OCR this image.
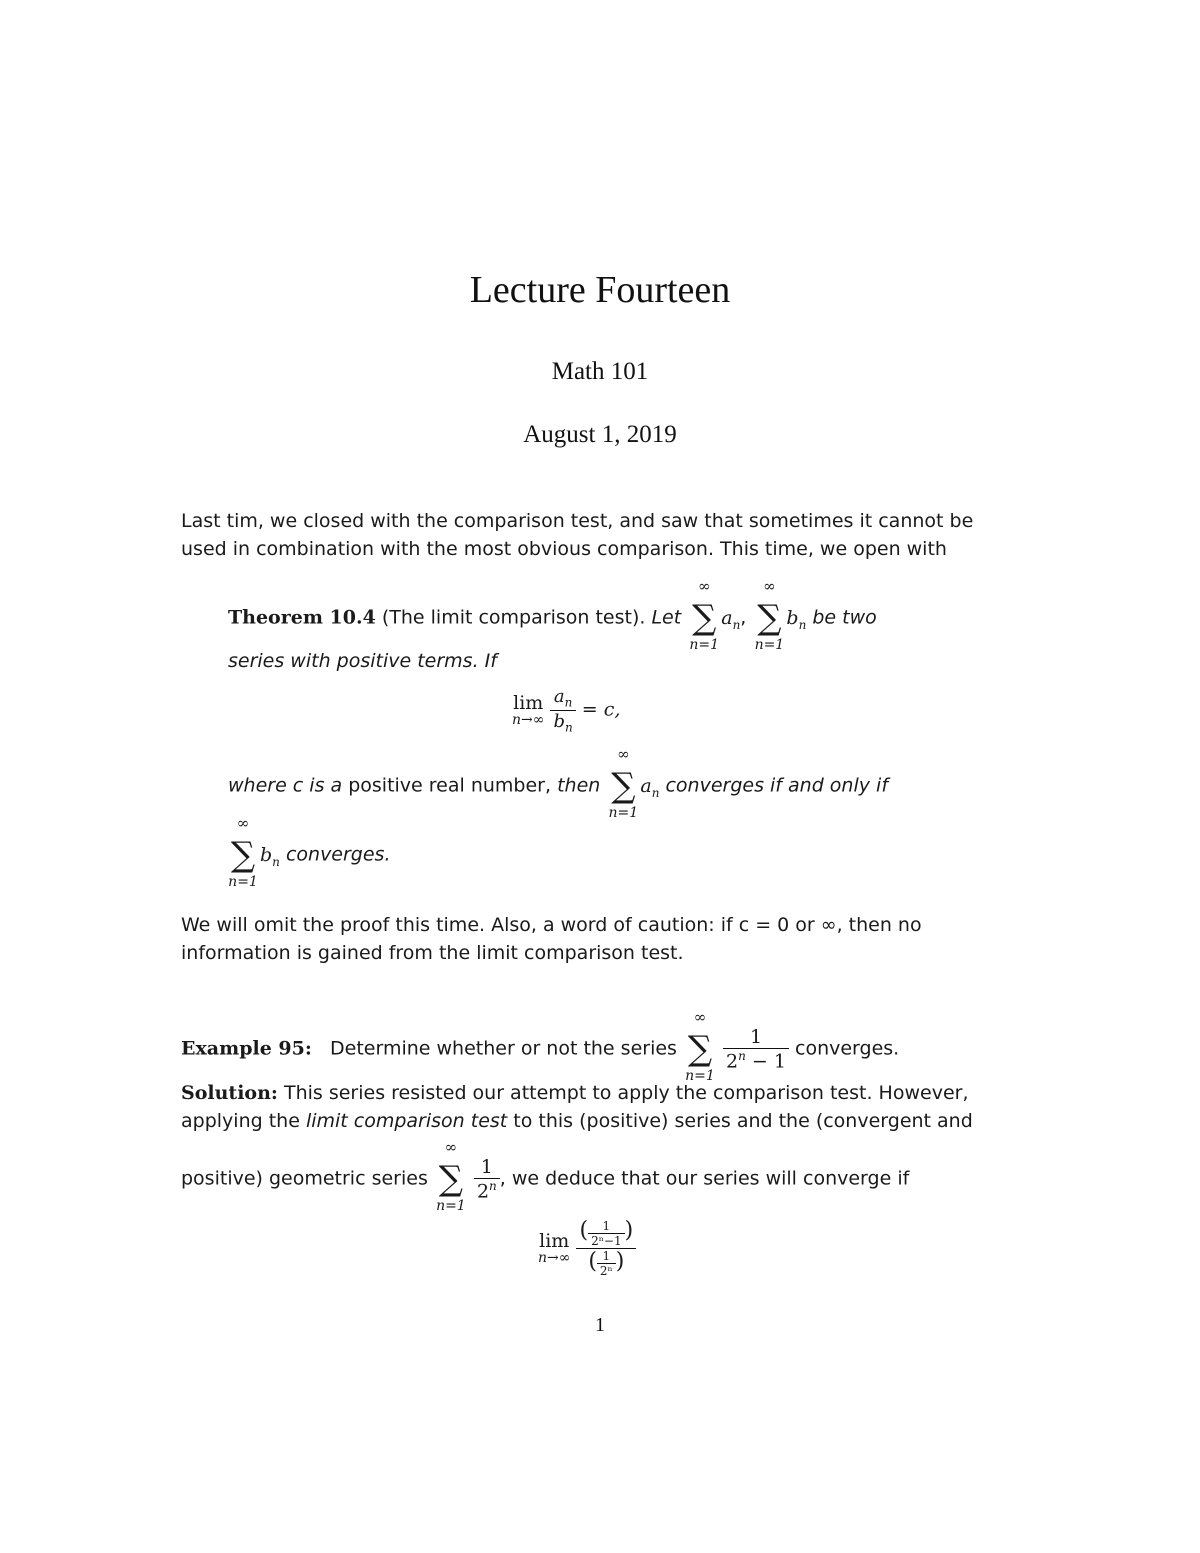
Lecture Fourteen
Math 101
August 1, 2019
Last tim, we closed with the comparison test, and saw that sometimes it cannot be
used in combination with the most obvious comparison. This time, we open with
Theorem 10.4 (The limit comparison test). Let
∞
∑
n=1
$a_n$,
∞
∑
n=1
$b_n$ be two
series with positive terms. If
lim
n→∞
$\frac{a_n}{b_n} = c$,
where c is a positive real number, then
∞
∑
n=1
$a_n$ converges if and only if
∞
∑
n=1
$b_n$ converges.
We will omit the proof this time. Also, a word of caution: if c = 0 or ∞, then no
information is gained from the limit comparison test.
Example 95: Determine whether or not the series
∞
∑
n=1

$\frac{1}{2^n - 1}$ converges.
Solution: This series resisted our attempt to apply the comparison test. However,
applying the limit comparison test to this (positive) series and the (convergent and
positive) geometric series
∞
∑
n=1

$\frac{1}{2^n}$ , we deduce that our series will converge if
lim
n→∞
$\frac{( \frac{1}{\text{2ⁿ−1}} )}{( \frac{1}{\text{2ⁿ}} )}$
1
